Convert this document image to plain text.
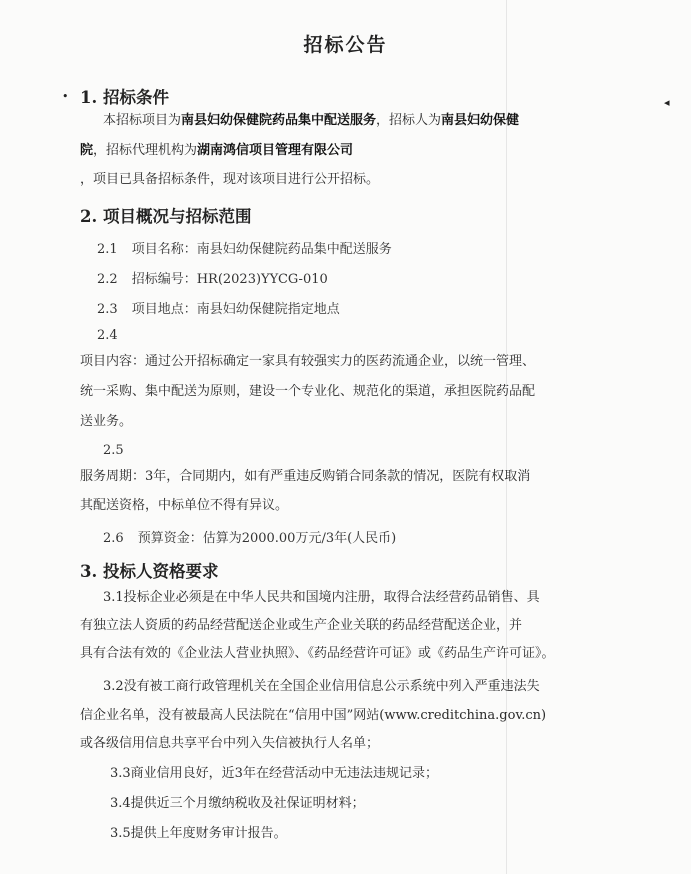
•	◂
招标公告
1. 招标条件
本招标项目为南县妇幼保健院药品集中配送服务，招标人为南县妇幼保健
院，招标代理机构为湖南鸿信项目管理有限公司
，项目已具备招标条件，现对该项目进行公开招标。
2. 项目概况与招标范围
2.1 项目名称：南县妇幼保健院药品集中配送服务
2.2 招标编号：HR(2023)YYCG-010
2.3 项目地点：南县妇幼保健院指定地点
2.4
项目内容：通过公开招标确定一家具有较强实力的医药流通企业，以统一管理、
统一采购、集中配送为原则，建设一个专业化、规范化的渠道，承担医院药品配
送业务。
2.5
服务周期：3年，合同期内，如有严重违反购销合同条款的情况，医院有权取消
其配送资格，中标单位不得有异议。
2.6 预算资金：估算为2000.00万元/3年(人民币)
3. 投标人资格要求
3.1投标企业必须是在中华人民共和国境内注册，取得合法经营药品销售、具
有独立法人资质的药品经营配送企业或生产企业关联的药品经营配送企业，并
具有合法有效的《企业法人营业执照》、《药品经营许可证》或《药品生产许可证》。
3.2没有被工商行政管理机关在全国企业信用信息公示系统中列入严重违法失
信企业名单，没有被最高人民法院在“信用中国”网站(www.creditchina.gov.cn)
或各级信用信息共享平台中列入失信被执行人名单；
3.3商业信用良好，近3年在经营活动中无违法违规记录；
3.4提供近三个月缴纳税收及社保证明材料；
3.5提供上年度财务审计报告。
